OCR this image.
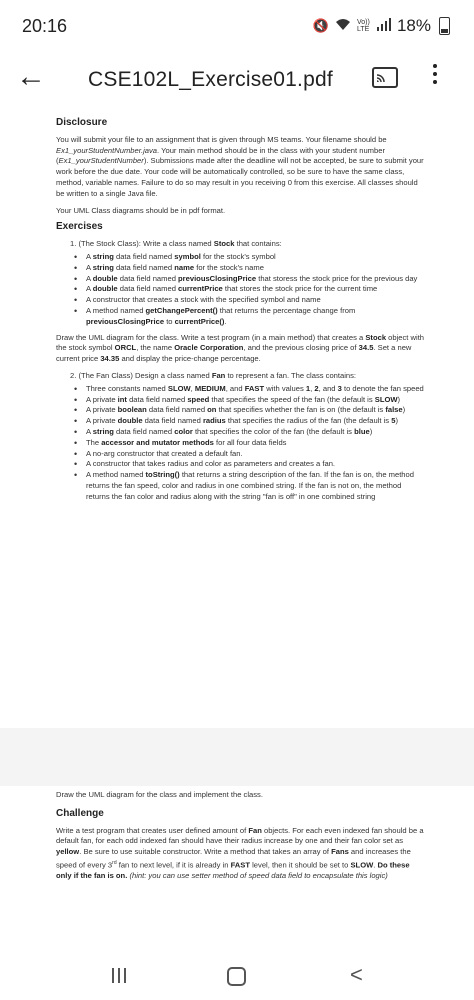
20:16	🔇	Vo)) LTE 18%
← CSE102L_Exercise01.pdf
Disclosure

You will submit your file to an assignment that is given through MS teams. Your filename should be Ex1_yourStudentNumber.java. Your main method should be in the class with your student number (Ex1_yourStudentNumber). Submissions made after the deadline will not be accepted, be sure to submit your work before the due date. Your code will be automatically controlled, so be sure to have the same class, method, variable names. Failure to do so may result in you receiving 0 from this exercise. All classes should be written to a single Java file.

Your UML Class diagrams should be in pdf format.

Exercises
1. (The Stock Class): Write a class named Stock that contains:
• A string data field named symbol for the stock's symbol
• A string data field named name for the stock's name
• A double data field named previousClosingPrice that storess the stock price for the previous day
• A double data field named currentPrice that stores the stock price for the current time
• A constructor that creates a stock with the specified symbol and name
• A method named getChangePercent() that returns the percentage change from previousClosingPrice to currentPrice().

Draw the UML diagram for the class. Write a test program (in a main method) that creates a Stock object with the stock symbol ORCL, the name Oracle Corporation, and the previous closing price of 34.5. Set a new current price 34.35 and display the price-change percentage.

2. (The Fan Class) Design a class named Fan to represent a fan. The class contains:
• Three constants named SLOW, MEDIUM, and FAST with values 1, 2, and 3 to denote the fan speed
• A private int data field named speed that specifies the speed of the fan (the default is SLOW)
• A private boolean data field named on that specifies whether the fan is on (the default is false)
• A private double data field named radius that specifies the radius of the fan (the default is 5)
• A string data field named color that specifies the color of the fan (the default is blue)
• The accessor and mutator methods for all four data fields
• A no-arg constructor that created a default fan.
• A constructor that takes radius and color as parameters and creates a fan.
• A method named toString() that returns a string description of the fan. If the fan is on, the method returns the fan speed, color and radius in one combined string. If the fan is not on, the method returns the fan color and radius along with the string "fan is off" in one combined string

Draw the UML diagram for the class and implement the class.

Challenge

Write a test program that creates user defined amount of Fan objects. For each even indexed fan should be a default fan, for each odd indexed fan should have their radius increase by one and their fan color set as yellow. Be sure to use suitable constructor. Write a method that takes an array of Fans and increases the speed of every 3rd fan to next level, if it is already in FAST level, then it should be set to SLOW. Do these only if the fan is on. (hint: you can use setter method of speed data field to encapsulate this logic)

<
